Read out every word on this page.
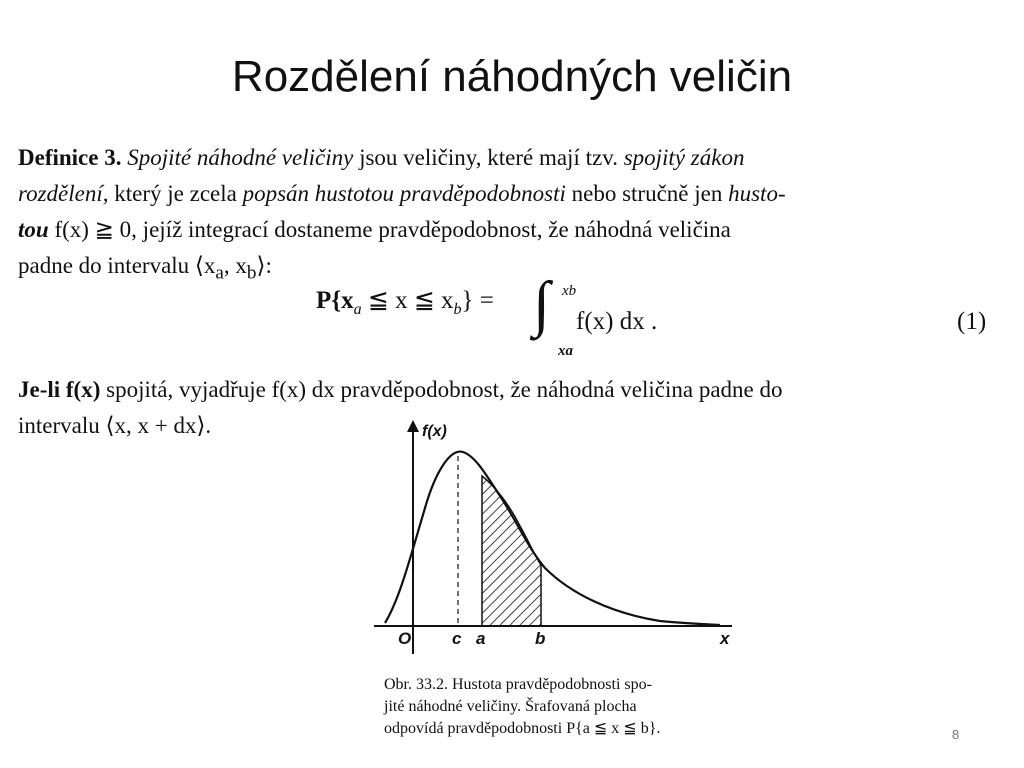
Rozdělení náhodných veličin
Definice 3. Spojité náhodné veličiny jsou veličiny, které mají tzv. spojitý zákon
rozdělení, který je zcela popsán hustotou pravděpodobnosti nebo stručně jen husto-
tou f(x) ≧ 0, jejíž integrací dostaneme pravděpodobnost, že náhodná veličina
padne do intervalu $⟨x_a$, $x_b⟩$:
$P\{x_a$ ≦ x ≦ $x_b$} = ∫ xb
xa
f(x) dx .	(1)
Je-li f(x) spojitá, vyjadřuje f(x) dx pravděpodobnost, že náhodná veličina padne do
intervalu ⟨x, x + dx⟩.	f(x)
O c a	b	x
Obr. 33.2. Hustota pravděpodobnosti spo-
jité náhodné veličiny. Šrafovaná plocha
odpovídá pravděpodobnosti P{a ≦ x ≦ b}.	8
